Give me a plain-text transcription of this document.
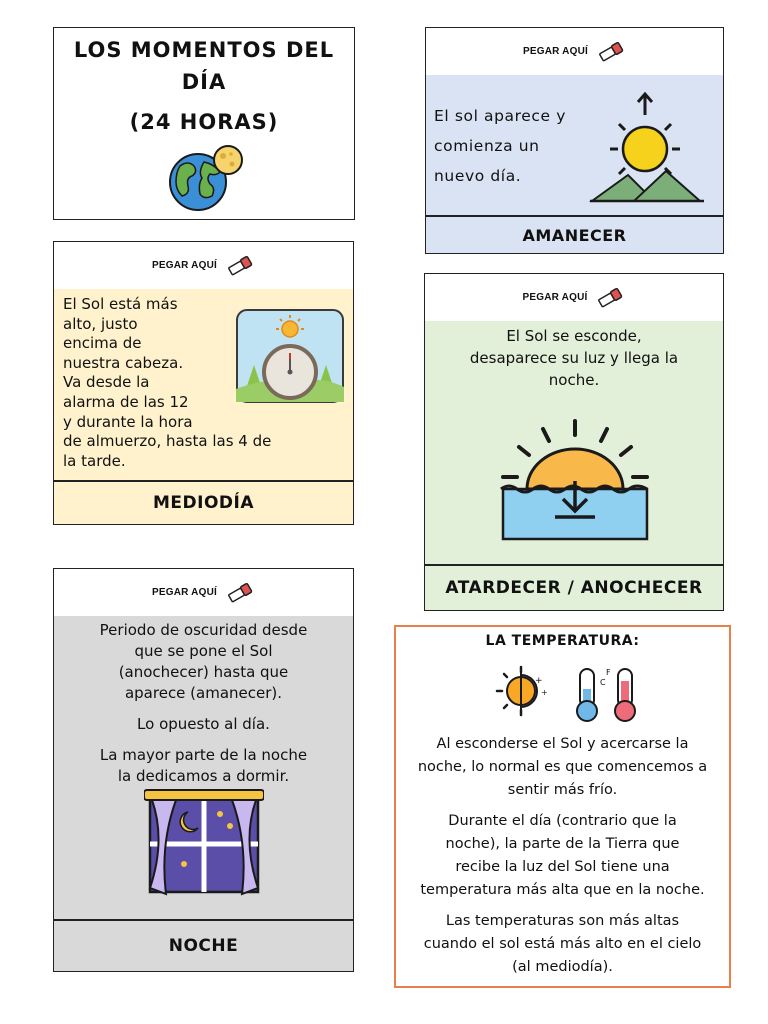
LOS MOMENTOS DEL
DÍA
(24 HORAS)
PEGAR AQUÍ
El sol aparece y
comienza un
nuevo día.
AMANECER
PEGAR AQUÍ
El Sol está más
alto, justo
encima de
nuestra cabeza.
Va desde la
alarma de las 12
y durante la hora
de almuerzo, hasta las 4 de
la tarde.
MEDIODÍA
PEGAR AQUÍ
El Sol se esconde,
desaparece su luz y llega la
noche.
ATARDECER / ANOCHECER
PEGAR AQUÍ
Periodo de oscuridad desde
que se pone el Sol
(anochecer) hasta que
aparece (amanecer).
Lo opuesto al día.
La mayor parte de la noche
la dedicamos a dormir.
NOCHE
LA TEMPERATURA:
+
+
F
C

Al esconderse el Sol y acercarse la
noche, lo normal es que comencemos a
sentir más frío.

Durante el día (contrario que la
noche), la parte de la Tierra que
recibe la luz del Sol tiene una
temperatura más alta que en la noche.

Las temperaturas son más altas
cuando el sol está más alto en el cielo
(al mediodía).
